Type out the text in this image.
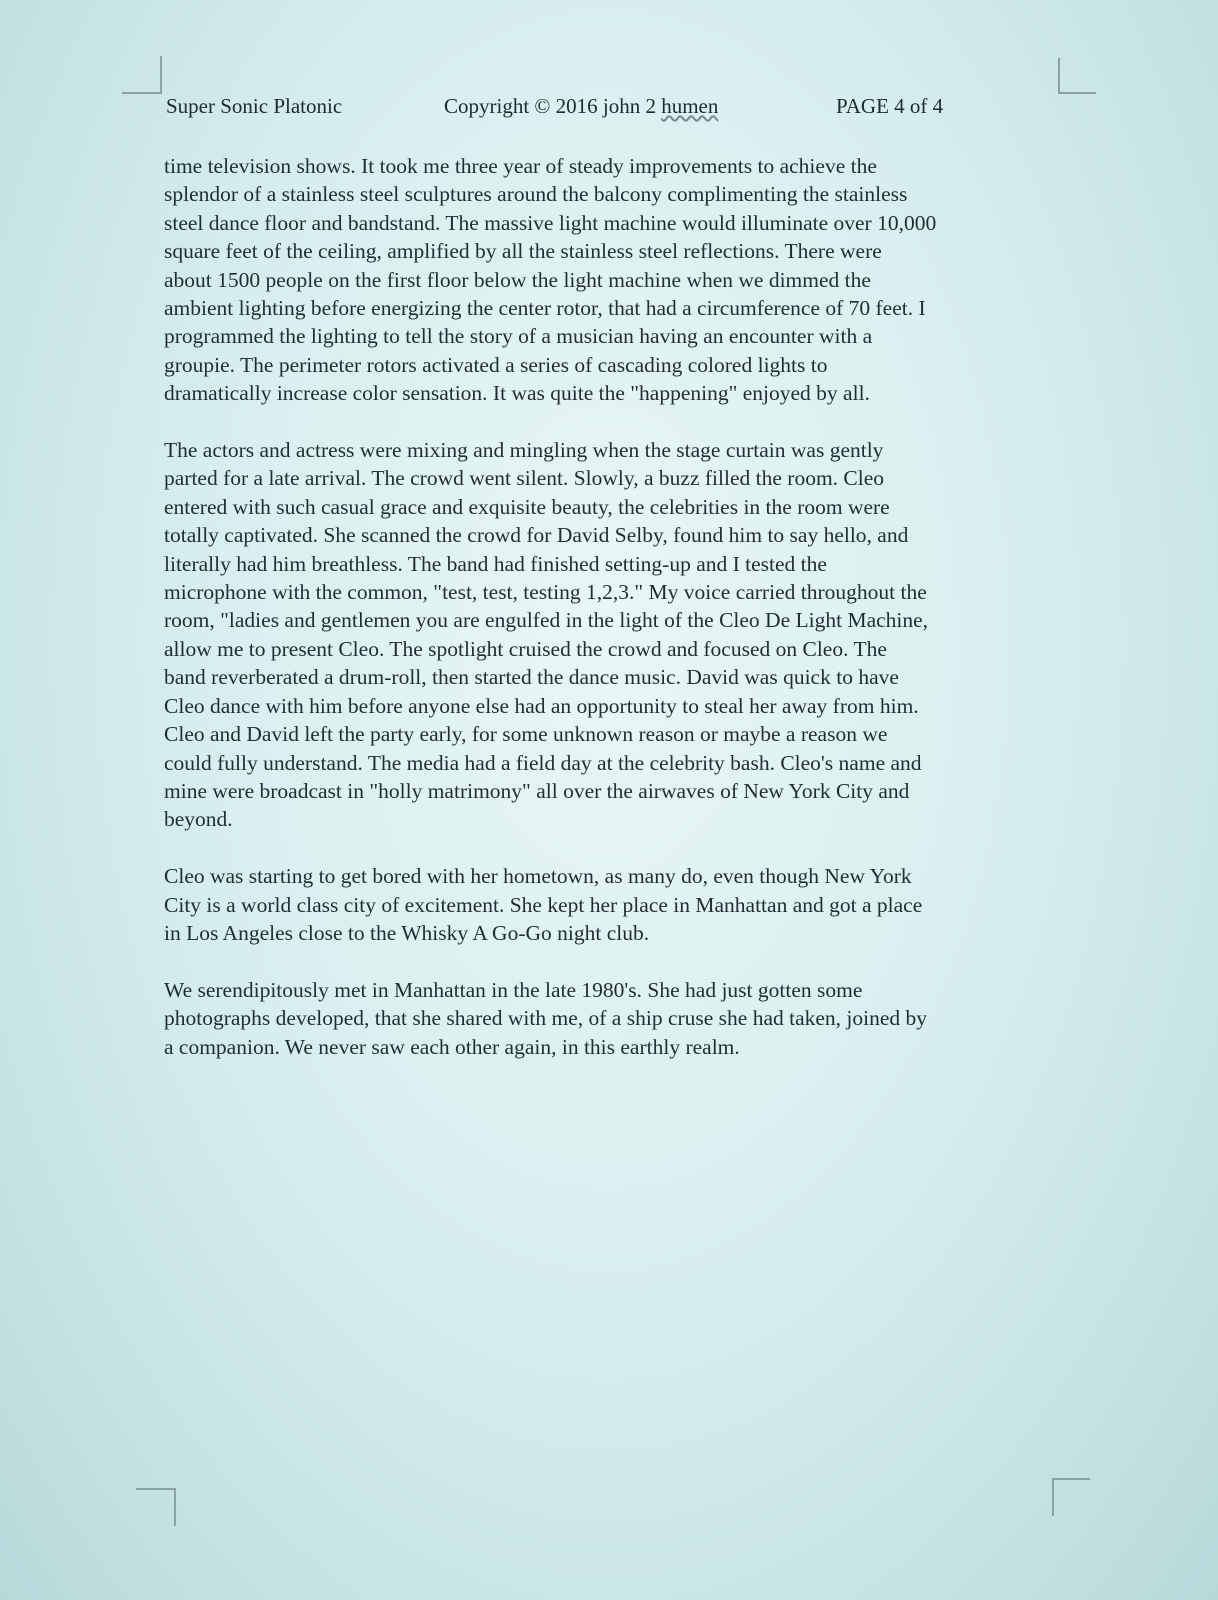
Super Sonic Platonic	Copyright © 2016 john 2 humen	PAGE 4 of 4

time television shows. It took me three year of steady improvements to achieve the
splendor of a stainless steel sculptures around the balcony complimenting the stainless
steel dance floor and bandstand. The massive light machine would illuminate over 10,000
square feet of the ceiling, amplified by all the stainless steel reflections. There were
about 1500 people on the first floor below the light machine when we dimmed the
ambient lighting before energizing the center rotor, that had a circumference of 70 feet. I
programmed the lighting to tell the story of a musician having an encounter with a
groupie. The perimeter rotors activated a series of cascading colored lights to
dramatically increase color sensation. It was quite the "happening" enjoyed by all.

The actors and actress were mixing and mingling when the stage curtain was gently
parted for a late arrival. The crowd went silent. Slowly, a buzz filled the room. Cleo
entered with such casual grace and exquisite beauty, the celebrities in the room were
totally captivated. She scanned the crowd for David Selby, found him to say hello, and
literally had him breathless. The band had finished setting-up and I tested the
microphone with the common, "test, test, testing 1,2,3." My voice carried throughout the
room, "ladies and gentlemen you are engulfed in the light of the Cleo De Light Machine,
allow me to present Cleo. The spotlight cruised the crowd and focused on Cleo. The
band reverberated a drum-roll, then started the dance music. David was quick to have
Cleo dance with him before anyone else had an opportunity to steal her away from him.
Cleo and David left the party early, for some unknown reason or maybe a reason we
could fully understand. The media had a field day at the celebrity bash. Cleo's name and
mine were broadcast in "holly matrimony" all over the airwaves of New York City and
beyond.

Cleo was starting to get bored with her hometown, as many do, even though New York
City is a world class city of excitement. She kept her place in Manhattan and got a place
in Los Angeles close to the Whisky A Go-Go night club.

We serendipitously met in Manhattan in the late 1980's. She had just gotten some
photographs developed, that she shared with me, of a ship cruse she had taken, joined by
a companion. We never saw each other again, in this earthly realm.
